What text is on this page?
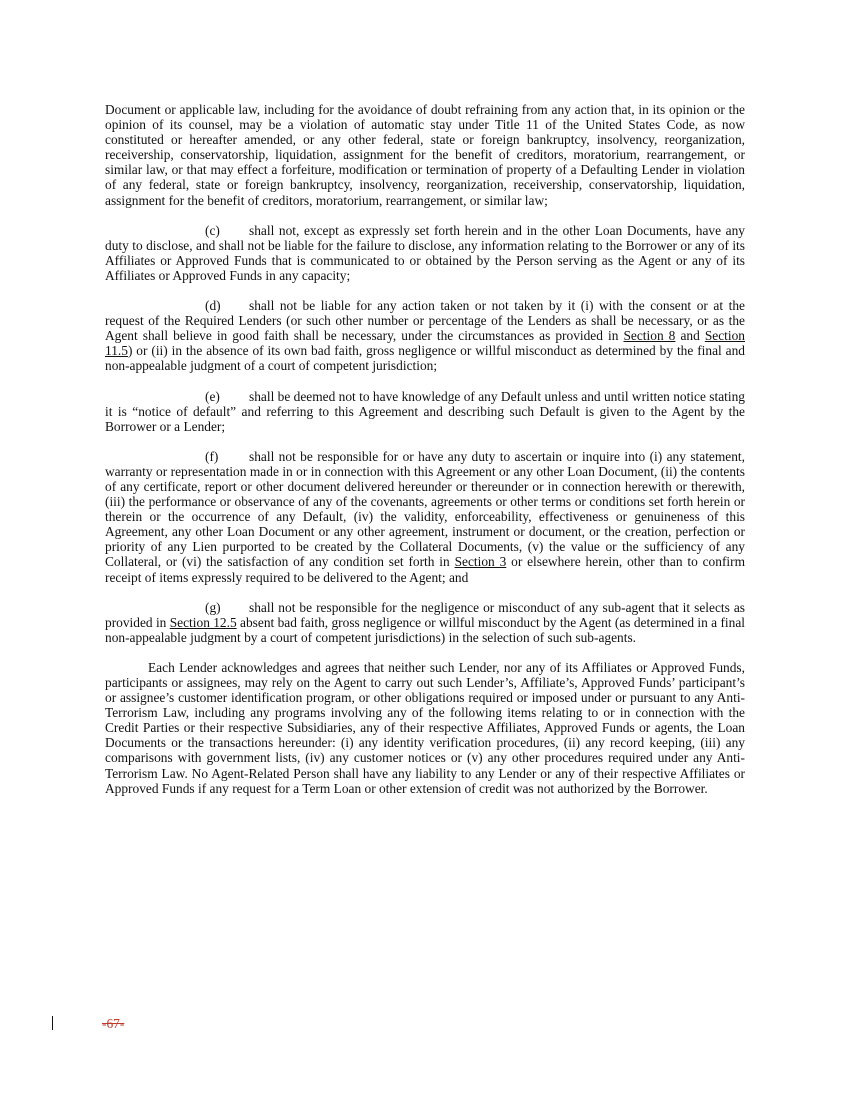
Document or applicable law, including for the avoidance of doubt refraining from any action that, in its opinion or the opinion of its counsel, may be a violation of automatic stay under Title 11 of the United States Code, as now constituted or hereafter amended, or any other federal, state or foreign bankruptcy, insolvency, reorganization, receivership, conservatorship, liquidation, assignment for the benefit of creditors, moratorium, rearrangement, or similar law, or that may effect a forfeiture, modification or termination of property of a Defaulting Lender in violation of any federal, state or foreign bankruptcy, insolvency, reorganization, receivership, conservatorship, liquidation, assignment for the benefit of creditors, moratorium, rearrangement, or similar law;

(c) shall not, except as expressly set forth herein and in the other Loan Documents, have any duty to disclose, and shall not be liable for the failure to disclose, any information relating to the Borrower or any of its Affiliates or Approved Funds that is communicated to or obtained by the Person serving as the Agent or any of its Affiliates or Approved Funds in any capacity;

(d) shall not be liable for any action taken or not taken by it (i) with the consent or at the request of the Required Lenders (or such other number or percentage of the Lenders as shall be necessary, or as the Agent shall believe in good faith shall be necessary, under the circumstances as provided in Section 8 and Section 11.5) or (ii) in the absence of its own bad faith, gross negligence or willful misconduct as determined by the final and non-appealable judgment of a court of competent jurisdiction;

(e) shall be deemed not to have knowledge of any Default unless and until written notice stating it is “notice of default” and referring to this Agreement and describing such Default is given to the Agent by the Borrower or a Lender;

(f) shall not be responsible for or have any duty to ascertain or inquire into (i) any statement, warranty or representation made in or in connection with this Agreement or any other Loan Document, (ii) the contents of any certificate, report or other document delivered hereunder or thereunder or in connection herewith or therewith, (iii) the performance or observance of any of the covenants, agreements or other terms or conditions set forth herein or therein or the occurrence of any Default, (iv) the validity, enforceability, effectiveness or genuineness of this Agreement, any other Loan Document or any other agreement, instrument or document, or the creation, perfection or priority of any Lien purported to be created by the Collateral Documents, (v) the value or the sufficiency of any Collateral, or (vi) the satisfaction of any condition set forth in Section 3 or elsewhere herein, other than to confirm receipt of items expressly required to be delivered to the Agent; and

(g) shall not be responsible for the negligence or misconduct of any sub-agent that it selects as provided in Section 12.5 absent bad faith, gross negligence or willful misconduct by the Agent (as determined in a final non-appealable judgment by a court of competent jurisdictions) in the selection of such sub-agents.

Each Lender acknowledges and agrees that neither such Lender, nor any of its Affiliates or Approved Funds, participants or assignees, may rely on the Agent to carry out such Lender’s, Affiliate’s, Approved Funds’ participant’s or assignee’s customer identification program, or other obligations required or imposed under or pursuant to any Anti-Terrorism Law, including any programs involving any of the following items relating to or in connection with the Credit Parties or their respective Subsidiaries, any of their respective Affiliates, Approved Funds or agents, the Loan Documents or the transactions hereunder: (i) any identity verification procedures, (ii) any record keeping, (iii) any comparisons with government lists, (iv) any customer notices or (v) any other procedures required under any Anti-Terrorism Law. No Agent-Related Person shall have any liability to any Lender or any of their respective Affiliates or Approved Funds if any request for a Term Loan or other extension of credit was not authorized by the Borrower.

-67-
